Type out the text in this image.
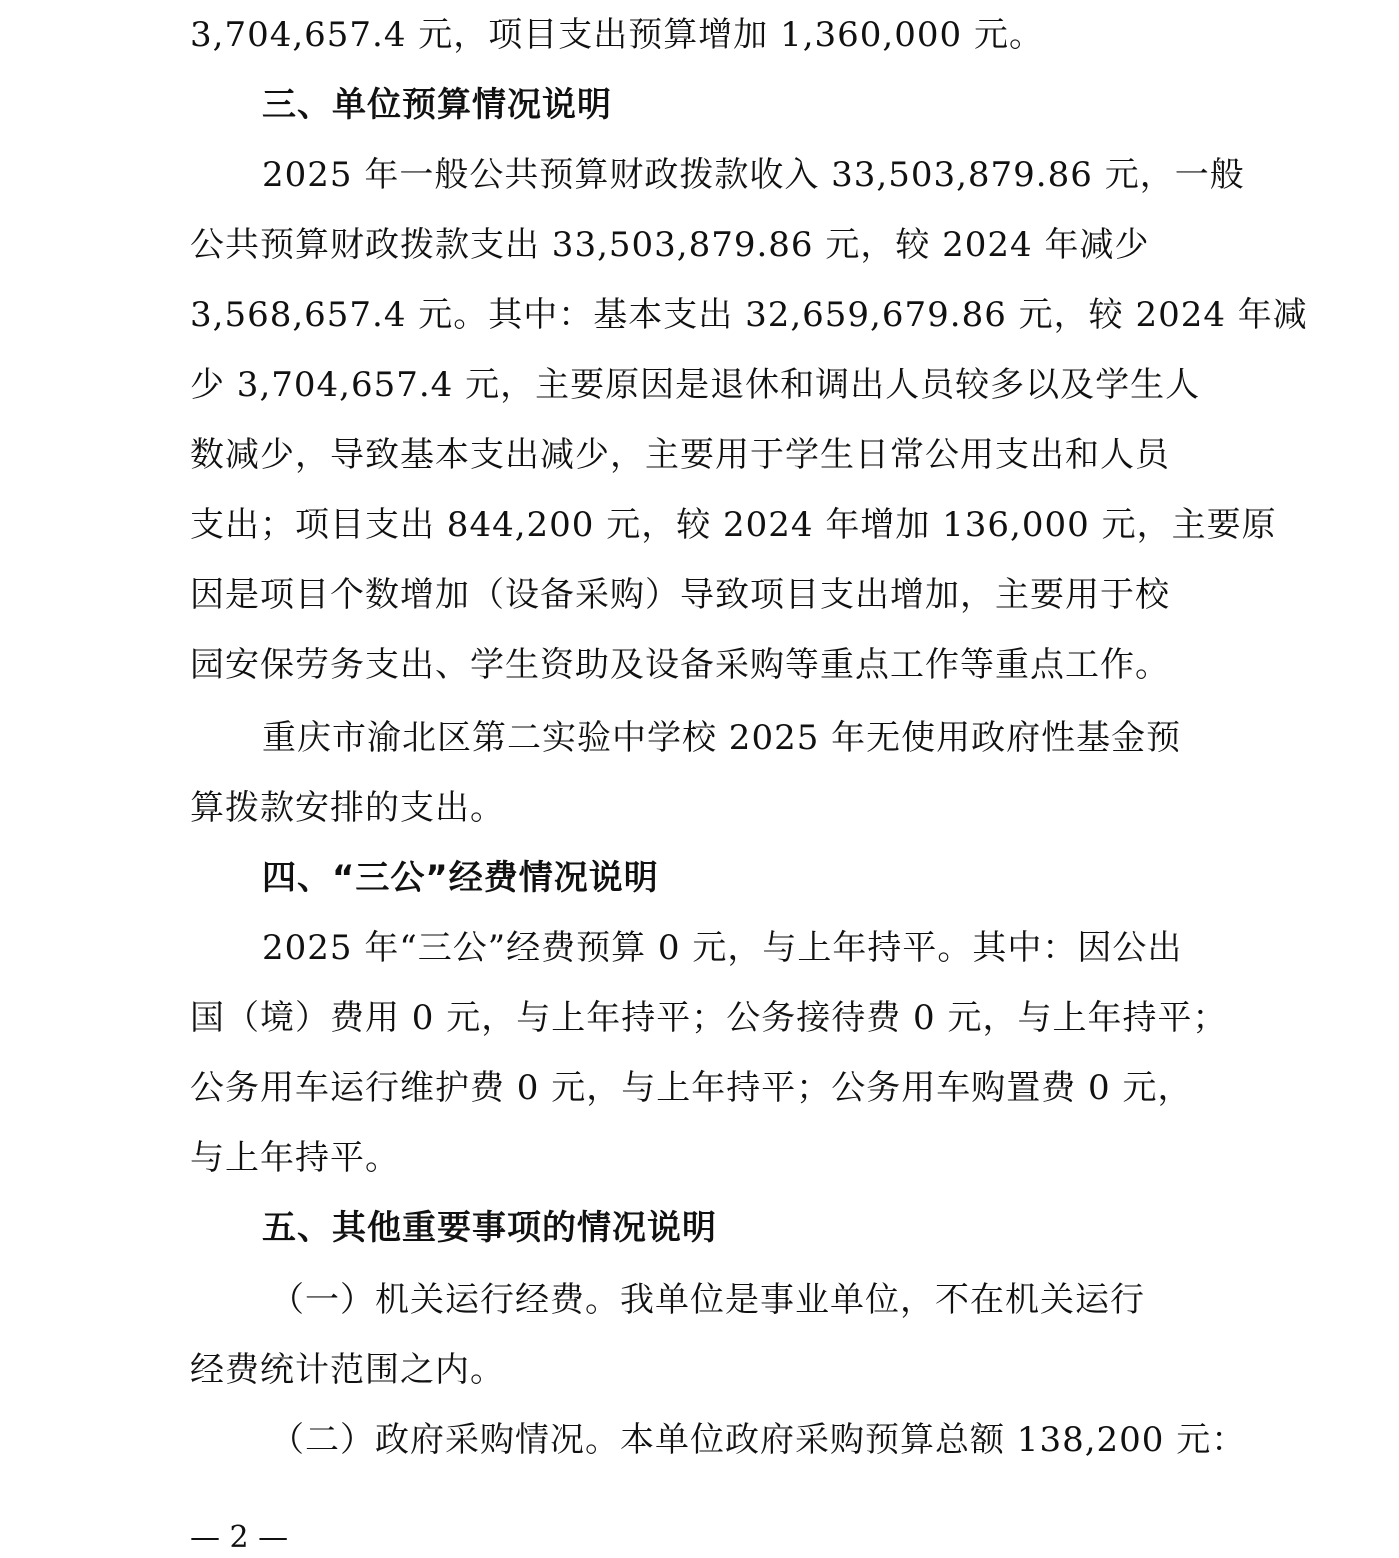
3,704,657.4 元，项目支出预算增加 1,360,000 元。
三、单位预算情况说明
2025 年一般公共预算财政拨款收入 33,503,879.86 元，一般
公共预算财政拨款支出 33,503,879.86 元，较 2024 年减少
3,568,657.4 元。其中：基本支出 32,659,679.86 元，较 2024 年减
少 3,704,657.4 元，主要原因是退休和调出人员较多以及学生人
数减少，导致基本支出减少，主要用于学生日常公用支出和人员
支出；项目支出 844,200 元，较 2024 年增加 136,000 元，主要原
因是项目个数增加（设备采购）导致项目支出增加，主要用于校
园安保劳务支出、学生资助及设备采购等重点工作等重点工作。
重庆市渝北区第二实验中学校 2025 年无使用政府性基金预
算拨款安排的支出。
四、“三公”经费情况说明
2025 年“三公”经费预算 0 元，与上年持平。其中：因公出
国（境）费用 0 元，与上年持平；公务接待费 0 元，与上年持平；
公务用车运行维护费 0 元，与上年持平；公务用车购置费 0 元，
与上年持平。
五、其他重要事项的情况说明
（一）机关运行经费。我单位是事业单位，不在机关运行
经费统计范围之内。
（二）政府采购情况。本单位政府采购预算总额 138,200 元：
— 2 —
